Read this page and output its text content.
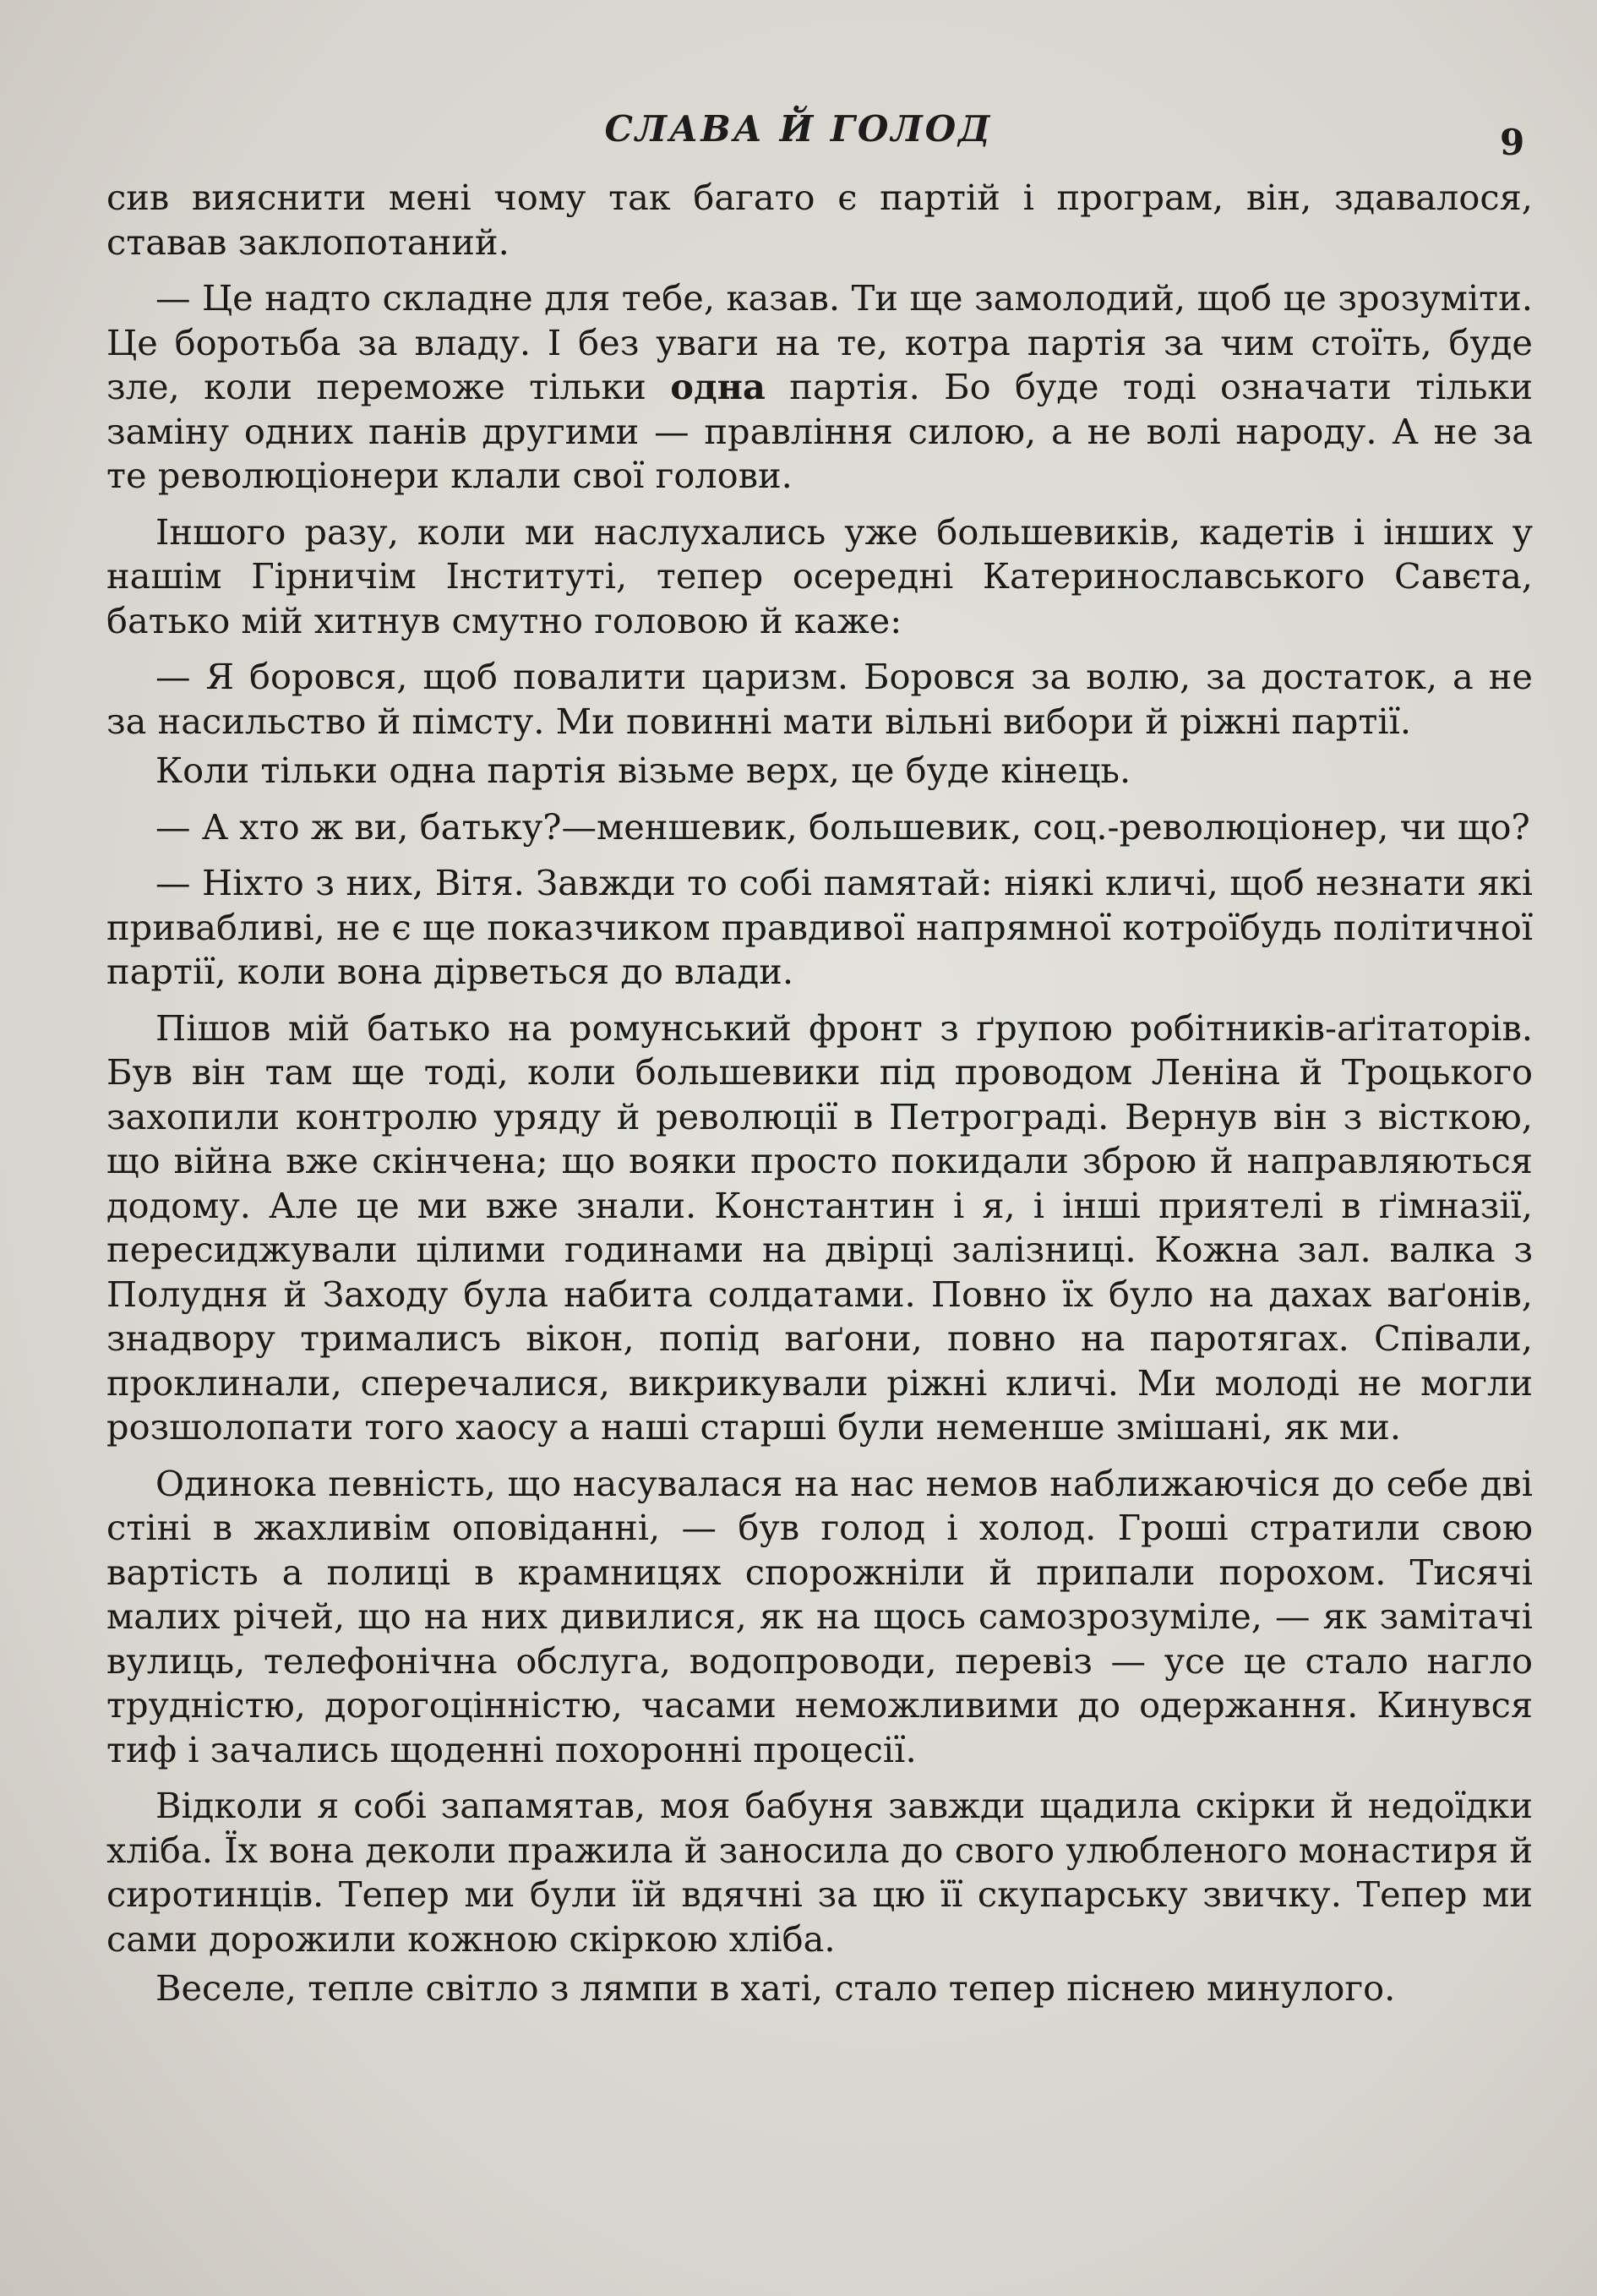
СЛАВА Й ГОЛОД	9

сив вияснити мені чому так багато є партій і програм, він, здавалося, ставав заклопотаний.

— Це надто складне для тебе, казав. Ти ще замолодий, щоб це зрозуміти. Це боротьба за владу. І без уваги на те, котра партія за чим стоїть, буде зле, коли переможе тільки одна партія. Бо буде тоді означати тільки заміну одних панів другими — правління силою, а не волі народу. А не за те революціонери клали свої голови.

Іншого разу, коли ми наслухались уже большевиків, кадетів і інших у нашім Гірничім Інституті, тепер осередні Катеринославського Савєта, батько мій хитнув смутно головою й каже:

— Я боровся, щоб повалити царизм. Боровся за волю, за достаток, а не за насильство й пімсту. Ми повинні мати вільні вибори й ріжні партії.

Коли тільки одна партія візьме верх, це буде кінець.

— А хто ж ви, батьку?—меншевик, большевик, соц.-революціонер, чи що?

— Ніхто з них, Вітя. Завжди то собі памятай: ніякі кличі, щоб незнати які привабливі, не є ще показчиком правдивої напрямної котроїбудь політичної партії, коли вона дірветься до влади.

Пішов мій батько на ромунський фронт з ґрупою робітників-аґітаторів. Був він там ще тоді, коли большевики під проводом Леніна й Троцького захопили контролю уряду й революції в Петрограді. Вернув він з вісткою, що війна вже скінчена; що вояки просто покидали зброю й направляються додому. Але це ми вже знали. Константин і я, і інші приятелі в ґімназії, пересиджували цілими годинами на двірці залізниці. Кожна зал. валка з Полудня й Заходу була набита солдатами. Повно їх було на дахах ваґонів, знадвору трималисъ вікон, попід ваґони, повно на паротягах. Співали, проклинали, сперечалися, викрикували ріжні кличі. Ми молоді не могли розшолопати того хаосу а наші старші були неменше змішані, як ми.

Одинока певність, що насувалася на нас немов наближаючіся до себе дві стіні в жахливім оповіданні, — був голод і холод. Гроші стратили свою вартість а полиці в крамницях спорожніли й припали порохом. Тисячі малих річей, що на них дивилися, як на щось самозрозуміле, — як замітачі вулиць, телефонічна обслуга, водопроводи, перевіз — усе це стало нагло трудністю, дорогоцінністю, часами неможливими до одержання. Кинувся тиф і зачались щоденні похоронні процесії.

Відколи я собі запамятав, моя бабуня завжди щадила скірки й недоїдки хліба. Їх вона деколи пражила й заносила до свого улюбленого монастиря й сиротинців. Тепер ми були їй вдячні за цю її скупарську звичку. Тепер ми сами дорожили кожною скіркою хліба.

Веселе, тепле світло з лямпи в хаті, стало тепер піснею минулого.
